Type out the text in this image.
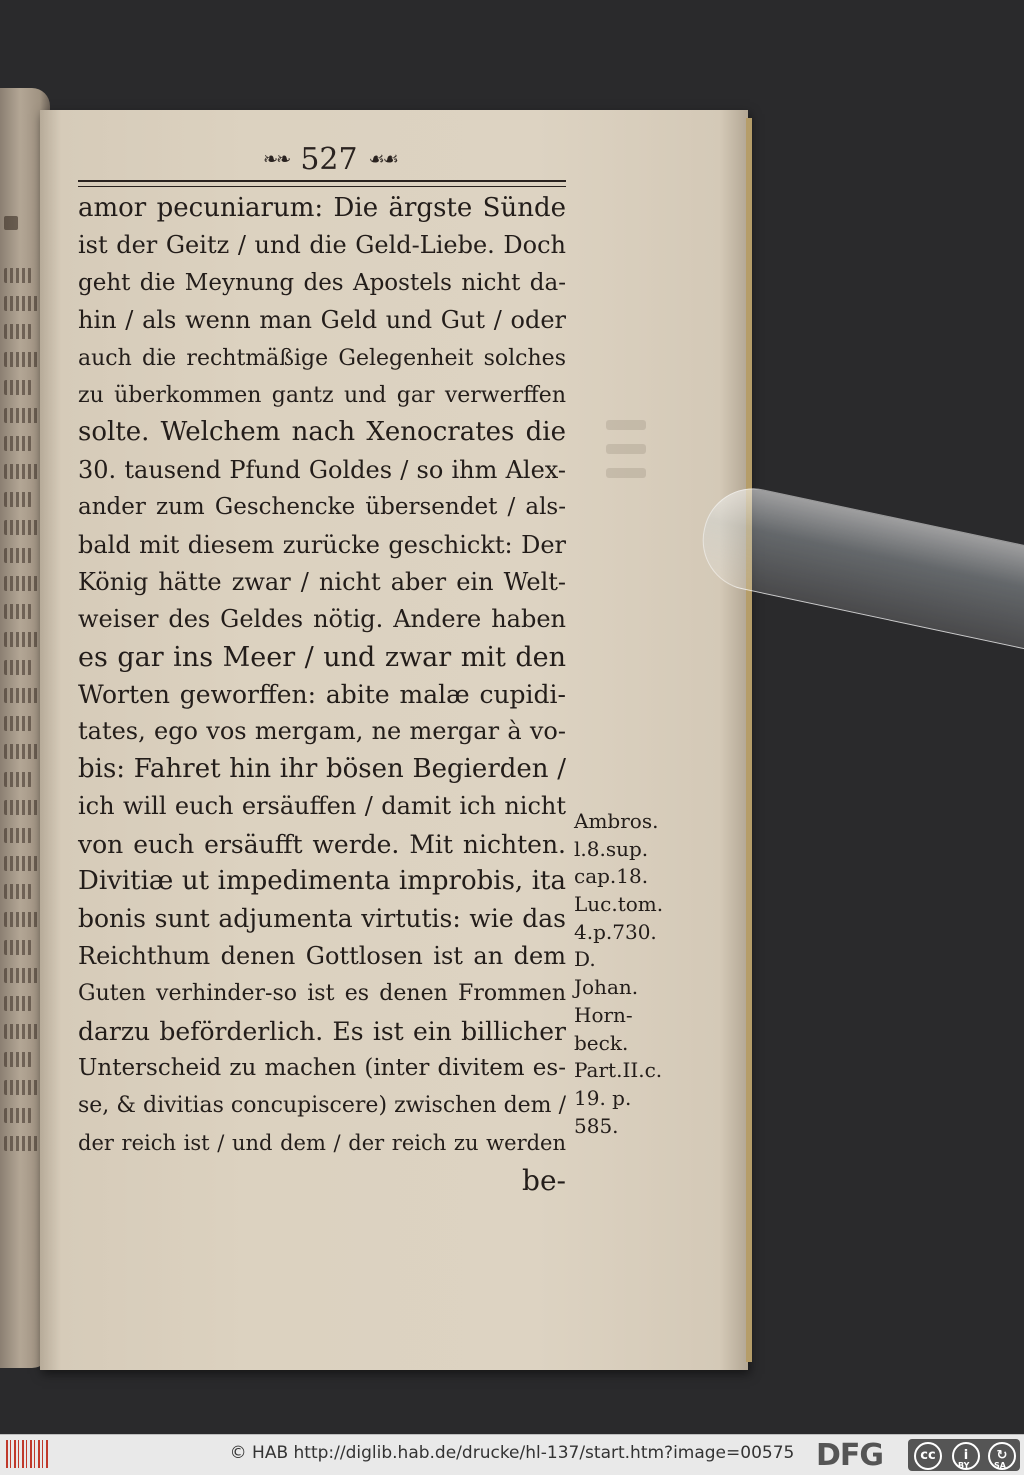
❧❧ 527 ☙☙
amor pecuniarum: Die ärgste Sünde
ist der Geitz / und die Geld-Liebe. Doch
geht die Meynung des Apostels nicht da-
hin / als wenn man Geld und Gut / oder
auch die rechtmäßige Gelegenheit solches
zu überkommen gantz und gar verwerffen
solte. Welchem nach Xenocrates die
30. tausend Pfund Goldes / so ihm Alex-
ander zum Geschencke übersendet / als-
bald mit diesem zurücke geschickt: Der
König hätte zwar / nicht aber ein Welt-
weiser des Geldes nötig. Andere haben
es gar ins Meer / und zwar mit den
Worten geworffen: abite malæ cupidi-
tates, ego vos mergam, ne mergar à vo-
bis: Fahret hin ihr bösen Begierden /
ich will euch ersäuffen / damit ich nicht
von euch ersäufft werde. Mit nichten.
Divitiæ ut impedimenta improbis, ita
bonis sunt adjumenta virtutis: wie das
Reichthum denen Gottlosen ist an dem
Guten verhinder-so ist es denen Frommen
darzu beförderlich. Es ist ein billicher
Unterscheid zu machen (inter divitem es-
se, & divitias concupiscere) zwischen dem /
der reich ist / und dem / der reich zu werden
be-
Ambros.
l.8.sup.
cap.18.
Luc.tom.
4.p.730.
D.
Johan.
Horn-
beck.
Part.II.c.
19. p.
585.
© HAB http://diglib.hab.de/drucke/hl-137/start.htm?image=00575 DFG	cc	i	↻
BY	SA
